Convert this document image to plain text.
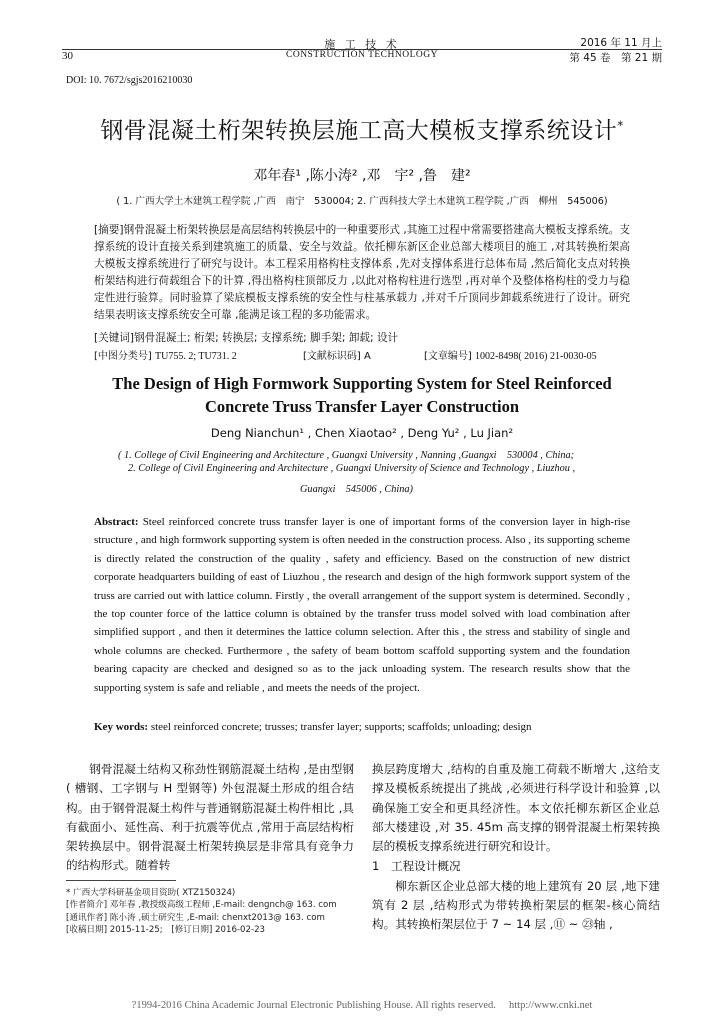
30
施 工 技 术
CONSTRUCTION TECHNOLOGY
2016 年 11 月上
第 45 卷　第 21 期
DOI: 10. 7672/sgjs2016210030
钢骨混凝土桁架转换层施工高大模板支撑系统设计*
邓年春¹ ,陈小涛² ,邓　宇² ,鲁　建²
( 1. 广西大学土木建筑工程学院 ,广西　南宁　530004; 2. 广西科技大学土木建筑工程学院 ,广西　柳州　545006)
[摘要]钢骨混凝土桁架转换层是高层结构转换层中的一种重要形式 ,其施工过程中常需要搭建高大模板支撑系统。支撑系统的设计直接关系到建筑施工的质量、安全与效益。依托柳东新区企业总部大楼项目的施工 ,对其转换桁架高大模板支撑系统进行了研究与设计。本工程采用格构柱支撑体系 ,先对支撑体系进行总体布局 ,然后简化支点对转换桁架结构进行荷载组合下的计算 ,得出格构柱顶部反力 ,以此对格构柱进行选型 ,再对单个及整体格构柱的受力与稳定性进行验算。同时验算了梁底模板支撑系统的安全性与柱基承载力 ,并对千斤顶同步卸载系统进行了设计。研究结果表明该支撑系统安全可靠 ,能满足该工程的多功能需求。
[关键词]钢骨混凝土; 桁架; 转换层; 支撑系统; 脚手架; 卸载; 设计
[中图分类号] TU755. 2; TU731. 2	[文献标识码] A	[文章编号] 1002-8498( 2016) 21-0030-05
The Design of High Formwork Supporting System for Steel Reinforced
Concrete Truss Transfer Layer Construction
Deng Nianchun¹ , Chen Xiaotao² , Deng Yu² , Lu Jian²
( 1. College of Civil Engineering and Architecture , Guangxi University , Nanning ,Guangxi　530004 , China;
2. College of Civil Engineering and Architecture , Guangxi University of Science and Technology , Liuzhou ,
Guangxi　545006 , China)
Abstract: Steel reinforced concrete truss transfer layer is one of important forms of the conversion layer in high-rise structure , and high formwork supporting system is often needed in the construction process. Also , its supporting scheme is directly related the construction of the quality , safety and efficiency. Based on the construction of new district corporate headquarters building of east of Liuzhou , the research and design of the high formwork support system of the truss are carried out with lattice column. Firstly , the overall arrangement of the support system is determined. Secondly , the top counter force of the lattice column is obtained by the transfer truss model solved with load combination after simplified support , and then it determines the lattice column selection. After this , the stress and stability of single and whole columns are checked. Furthermore , the safety of beam bottom scaffold supporting system and the foundation bearing capacity are checked and designed so as to the jack unloading system. The research results show that the supporting system is safe and reliable , and meets the needs of the project.
Key words: steel reinforced concrete; trusses; transfer layer; supports; scaffolds; unloading; design

钢骨混凝土结构又称劲性钢筋混凝土结构 ,是由型钢( 槽钢、工字钢与 H 型钢等) 外包混凝土形成的组合结构。由于钢骨混凝土构件与普通钢筋混凝土构件相比 ,具有截面小、延性高、利于抗震等优点 ,常用于高层结构桁架转换层中。钢骨混凝土桁架转换层是非常具有竞争力的结构形式。随着转

换层跨度增大 ,结构的自重及施工荷载不断增大 ,这给支撑及模板系统提出了挑战 ,必须进行科学设计和验算 ,以确保施工安全和更具经济性。本文依托柳东新区企业总部大楼建设 ,对 35. 45m 高支撑的钢骨混凝土桁架转换层的模板支撑系统进行研究和设计。

1　工程设计概况

柳东新区企业总部大楼的地上建筑有 20 层 ,地下建筑有 2 层 ,结构形式为带转换桁架层的框架-核心筒结构。其转换桁架层位于 7 ~ 14 层 ,⑪ ~ ㉓轴 ,

* 广西大学科研基金项目资助( XTZ150324)
[作者简介] 邓年春 ,教授级高级工程师 ,E-mail: dengnch@ 163. com
[通讯作者] 陈小涛 ,硕士研究生 ,E-mail: chenxt2013@ 163. com
[收稿日期] 2015-11-25;　[修订日期] 2016-02-23
?1994-2016 China Academic Journal Electronic Publishing House. All rights reserved.　 http://www.cnki.net
